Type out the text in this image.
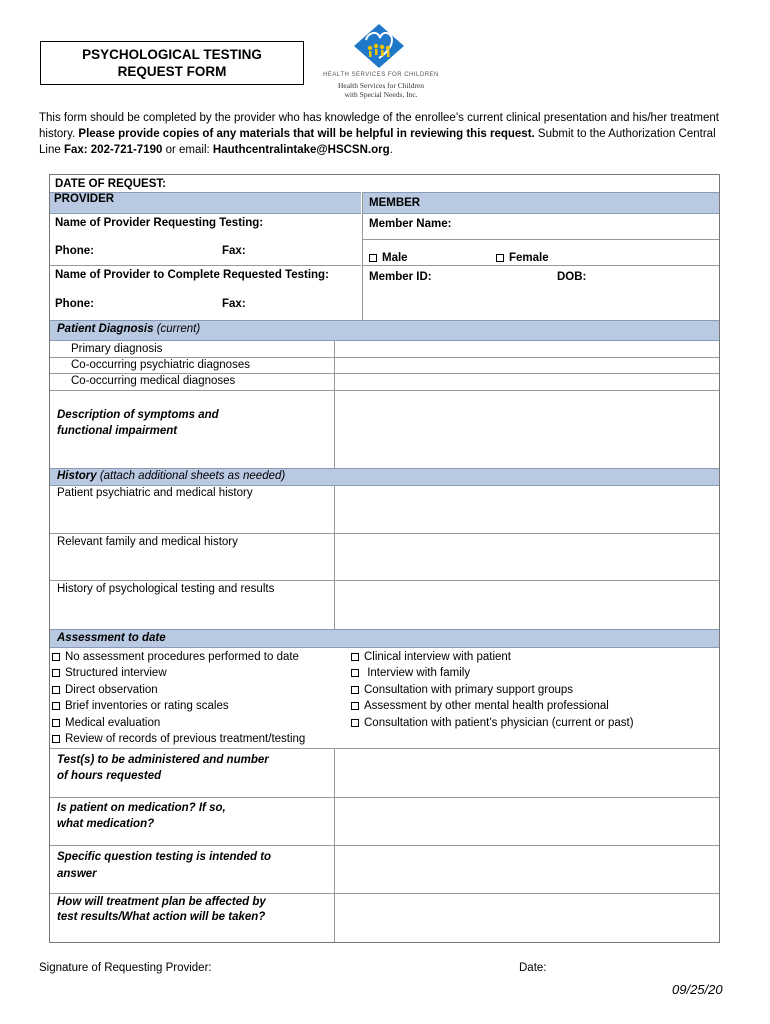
PSYCHOLOGICAL TESTING
REQUEST FORM	HEALTH SERVICES FOR CHILDREN
Health Services for Children
with Special Needs, Inc.
This form should be completed by the provider who has knowledge of the enrollee’s current clinical presentation and his/her treatment history. Please provide copies of any materials that will be helpful in reviewing this request. Submit to the Authorization Central Line Fax: 202-721-7190 or email: Hauthcentralintake@HSCSN.org.
DATE OF REQUEST:
PROVIDER	MEMBER
Name of Provider Requesting Testing:
Phone:	Fax:
Name of Provider to Complete Requested Testing:
Phone:	Fax:
Member Name:
Male	Female
Member ID:	DOB:
Patient Diagnosis (current)
Primary diagnosis
Co-occurring psychiatric diagnoses
Co-occurring medical diagnoses
Description of symptoms and
functional impairment
History (attach additional sheets as needed)
Patient psychiatric and medical history
Relevant family and medical history
History of psychological testing and results
Assessment to date
No assessment procedures performed to date
Structured interview
Direct observation
Brief inventories or rating scales
Medical evaluation
Review of records of previous treatment/testing
Clinical interview with patient
Interview with family
Consultation with primary support groups
Assessment by other mental health professional
Consultation with patient’s physician (current or past)
Test(s) to be administered and number
of hours requested
Is patient on medication? If so,
what medication?
Specific question testing is intended to
answer
How will treatment plan be affected by
test results/What action will be taken?
Signature of Requesting Provider:	Date:
09/25/20
